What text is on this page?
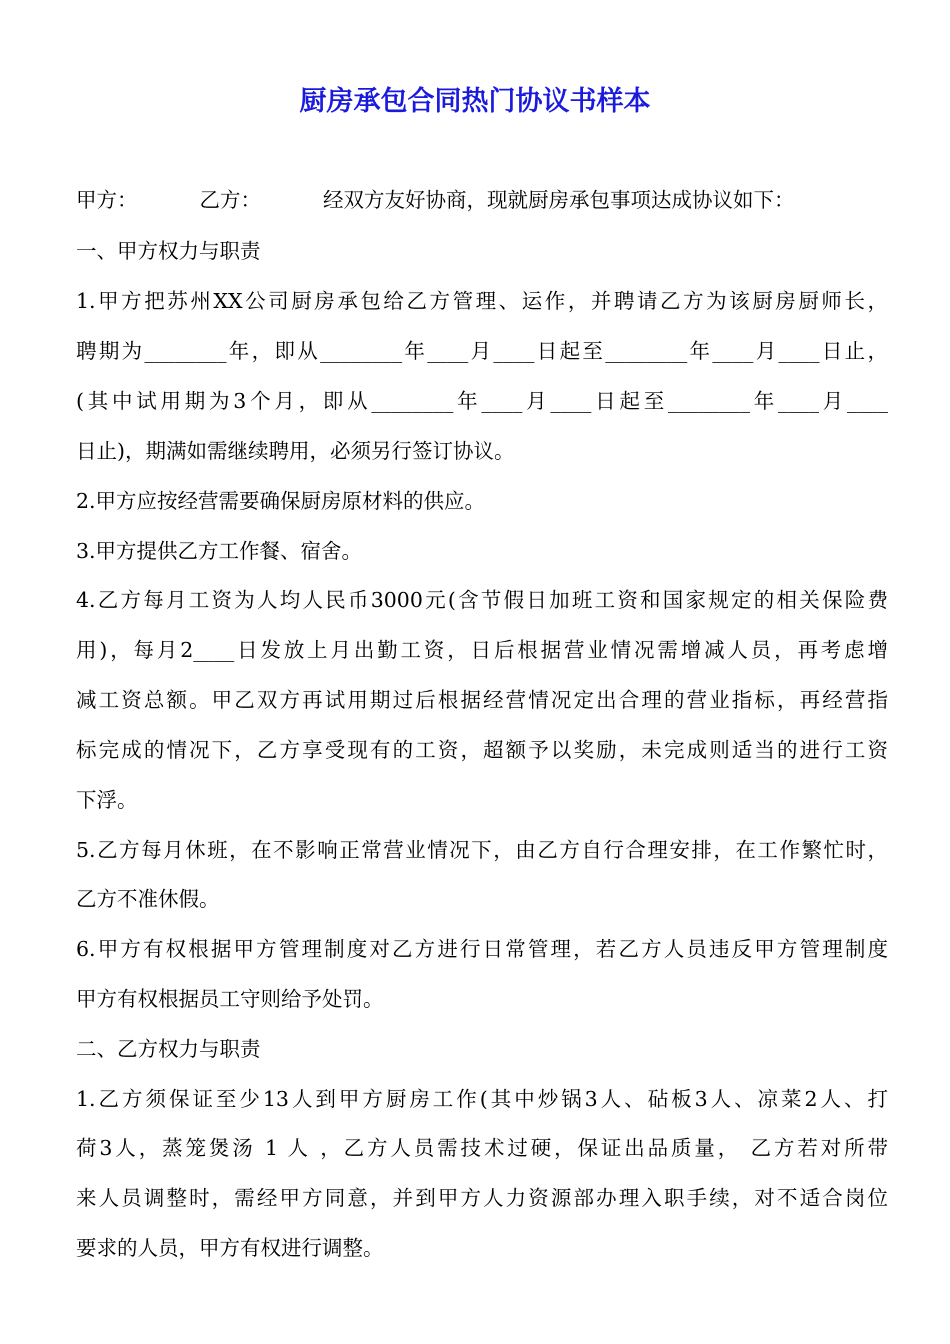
厨房承包合同热门协议书样本

甲方：	乙方：	经双方友好协商，现就厨房承包事项达成协议如下：

一、甲方权力与职责

1.甲方把苏州XX公司厨房承包给乙方管理、运作，并聘请乙方为该厨房厨师长，

聘期为________年，即从________年____月____日起至________年____月____日止，

(其中试用期为3个月，即从________年____月____日起至________年____月____

日止)，期满如需继续聘用，必须另行签订协议。

2.甲方应按经营需要确保厨房原材料的供应。

3.甲方提供乙方工作餐、宿舍。

4.乙方每月工资为人均人民币3000元(含节假日加班工资和国家规定的相关保险费

用)，每月2____日发放上月出勤工资，日后根据营业情况需增减人员，再考虑增

减工资总额。甲乙双方再试用期过后根据经营情况定出合理的营业指标，再经营指

标完成的情况下，乙方享受现有的工资，超额予以奖励，未完成则适当的进行工资

下浮。

5.乙方每月休班，在不影响正常营业情况下，由乙方自行合理安排，在工作繁忙时，

乙方不准休假。

6.甲方有权根据甲方管理制度对乙方进行日常管理，若乙方人员违反甲方管理制度

甲方有权根据员工守则给予处罚。

二、乙方权力与职责

1.乙方须保证至少13人到甲方厨房工作(其中炒锅3人、砧板3人、凉菜2人、打

荷3人，蒸笼煲汤 1 人 ，乙方人员需技术过硬，保证出品质量， 乙方若对所带

来人员调整时，需经甲方同意，并到甲方人力资源部办理入职手续，对不适合岗位

要求的人员，甲方有权进行调整。
